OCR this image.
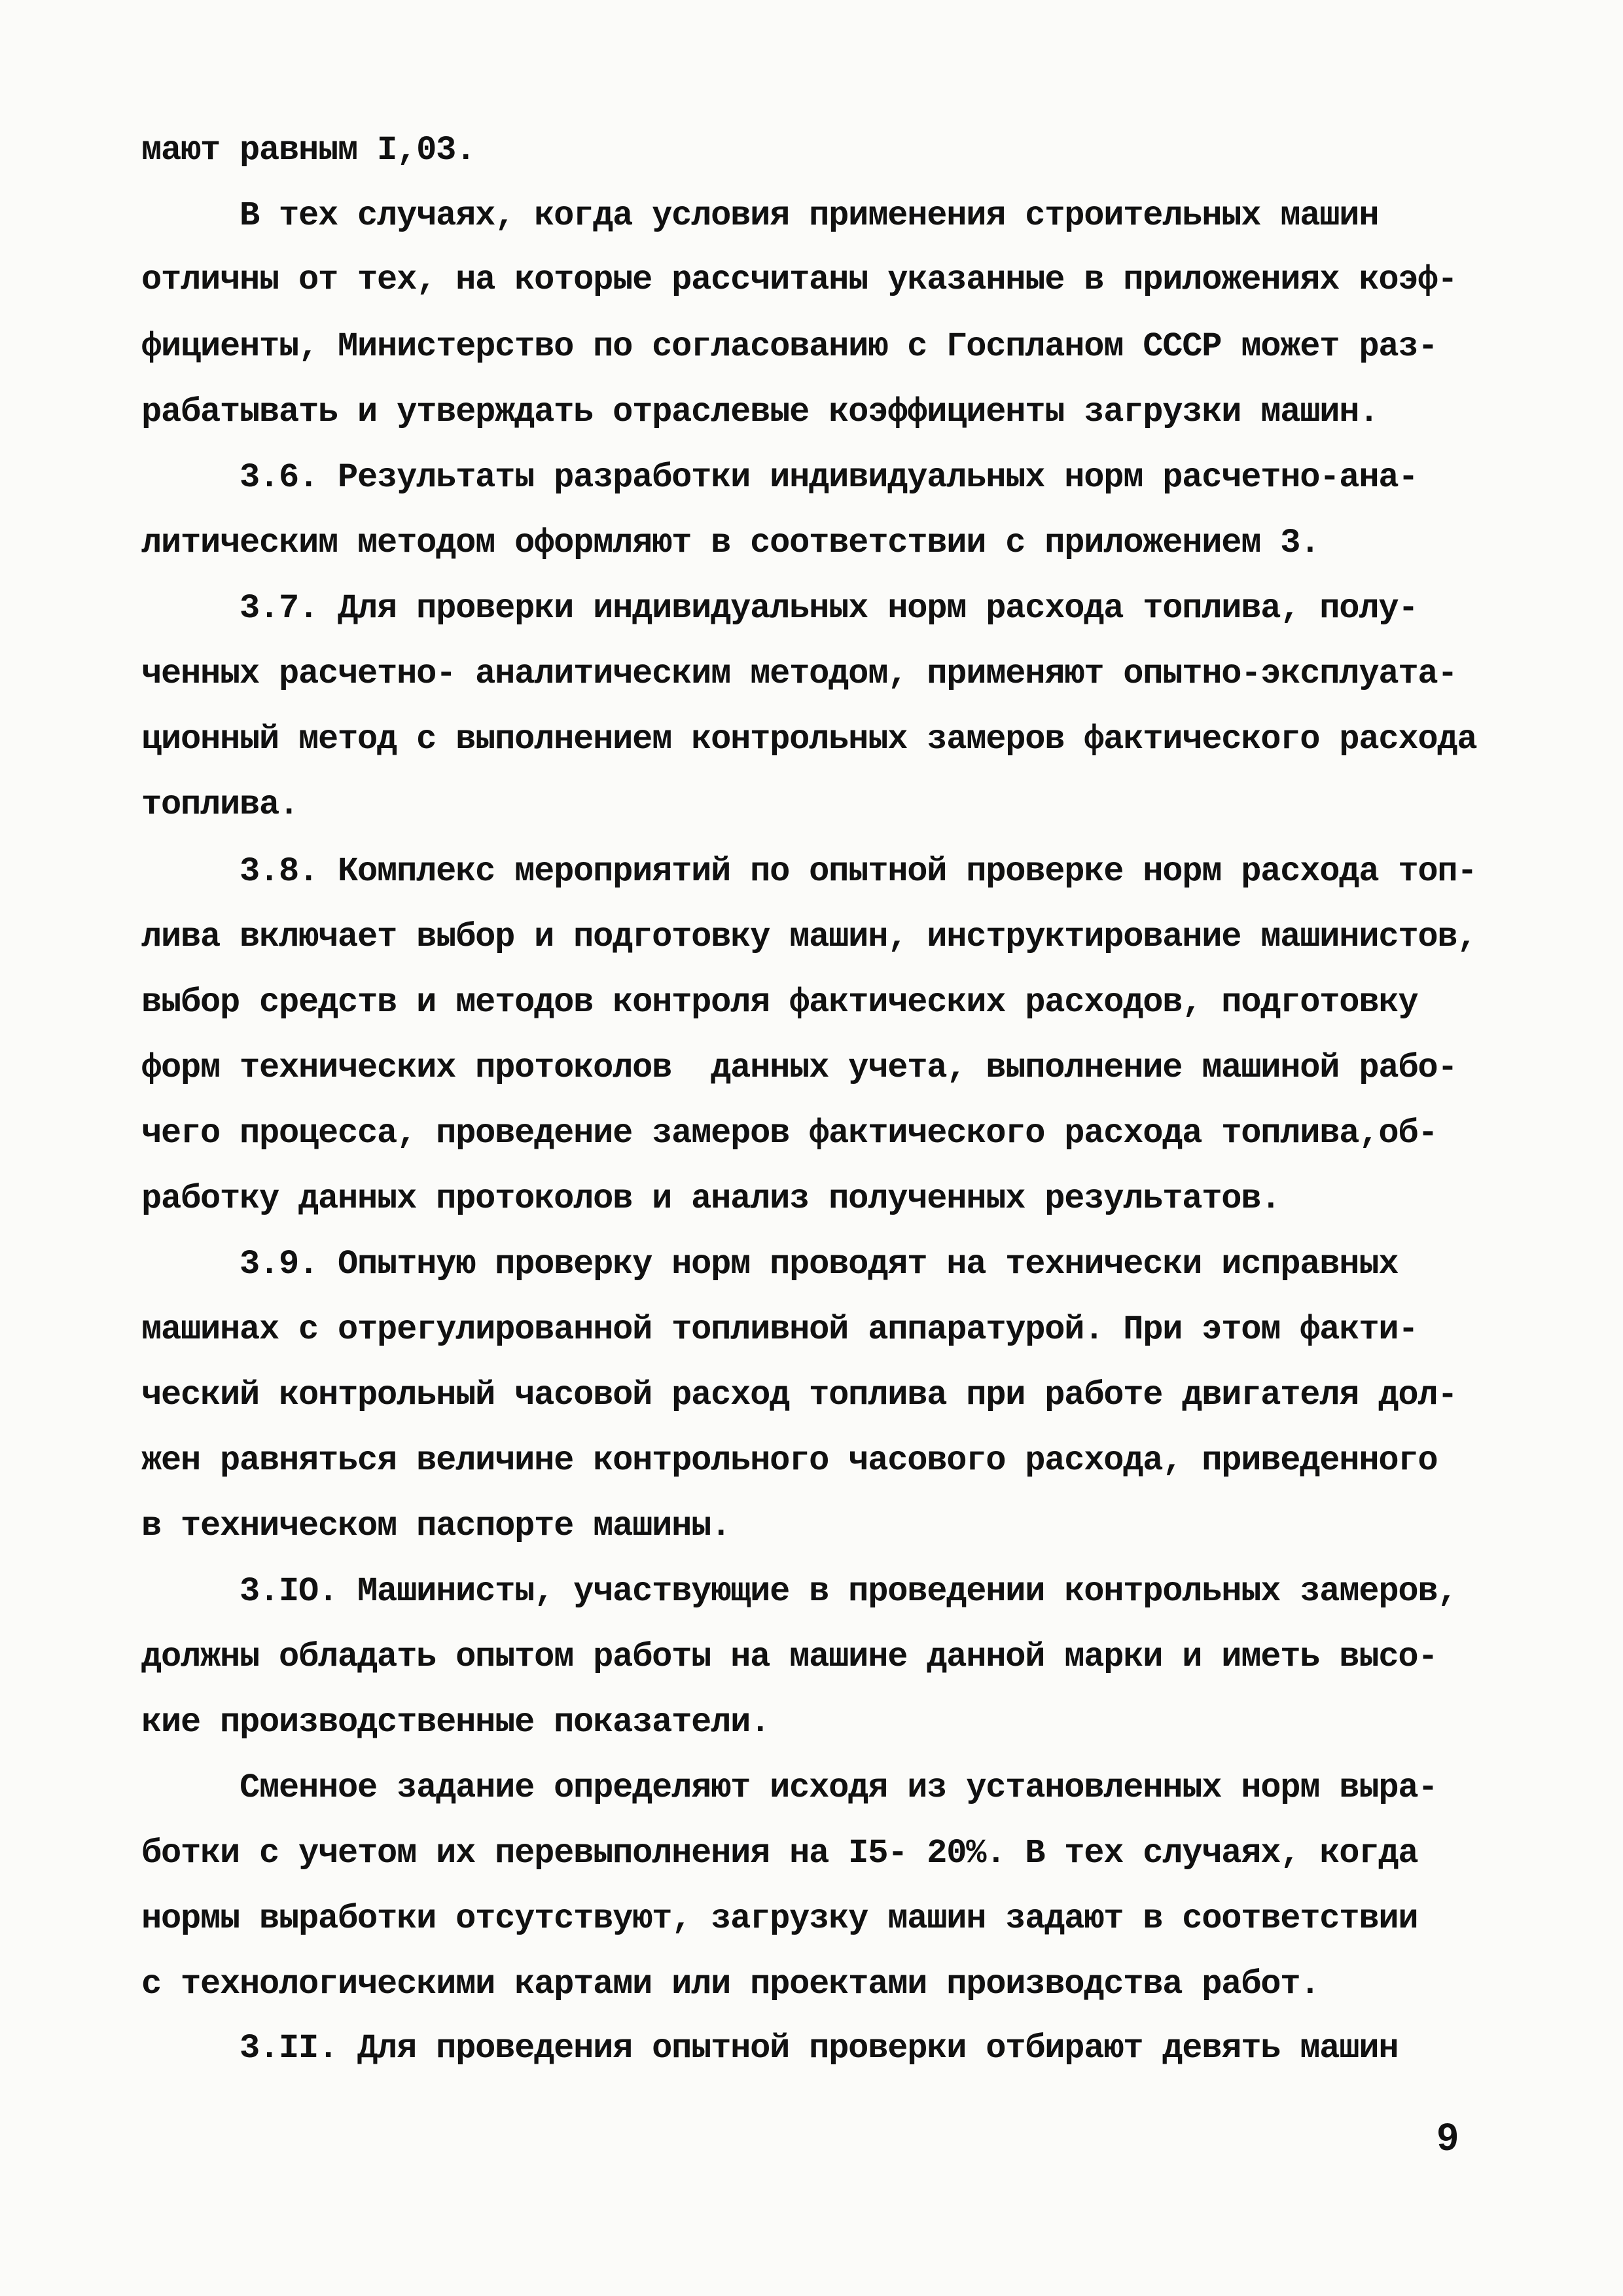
мают равным I,03.
В тех случаях, когда условия применения строительных машин
отличны от тех, на которые рассчитаны указанные в приложениях коэф-
фициенты, Министерство по согласованию с Госпланом СССР может раз-
рабатывать и утверждать отраслевые коэффициенты загрузки машин.
3.6. Результаты разработки индивидуальных норм расчетно-ана-
литическим методом оформляют в соответствии с приложением 3.
3.7. Для проверки индивидуальных норм расхода топлива, полу-
ченных расчетно- аналитическим методом, применяют опытно-эксплуата-
ционный метод с выполнением контрольных замеров фактического расхода
топлива.
3.8. Комплекс мероприятий по опытной проверке норм расхода топ-
лива включает выбор и подготовку машин, инструктирование машинистов,
выбор средств и методов контроля фактических расходов, подготовку
форм технических протоколов  данных учета, выполнение машиной рабо-
чего процесса, проведение замеров фактического расхода топлива,об-
работку данных протоколов и анализ полученных результатов.
3.9. Опытную проверку норм проводят на технически исправных
машинах с отрегулированной топливной аппаратурой. При этом факти-
ческий контрольный часовой расход топлива при работе двигателя дол-
жен равняться величине контрольного часового расхода, приведенного
в техническом паспорте машины.
3.IO. Машинисты, участвующие в проведении контрольных замеров,
должны обладать опытом работы на машине данной марки и иметь высо-
кие производственные показатели.
Сменное задание определяют исходя из установленных норм выра-
ботки с учетом их перевыполнения на I5- 20%. В тех случаях, когда
нормы выработки отсутствуют, загрузку машин задают в соответствии
с технологическими картами или проектами производства работ.
3.II. Для проведения опытной проверки отбирают девять машин
9
